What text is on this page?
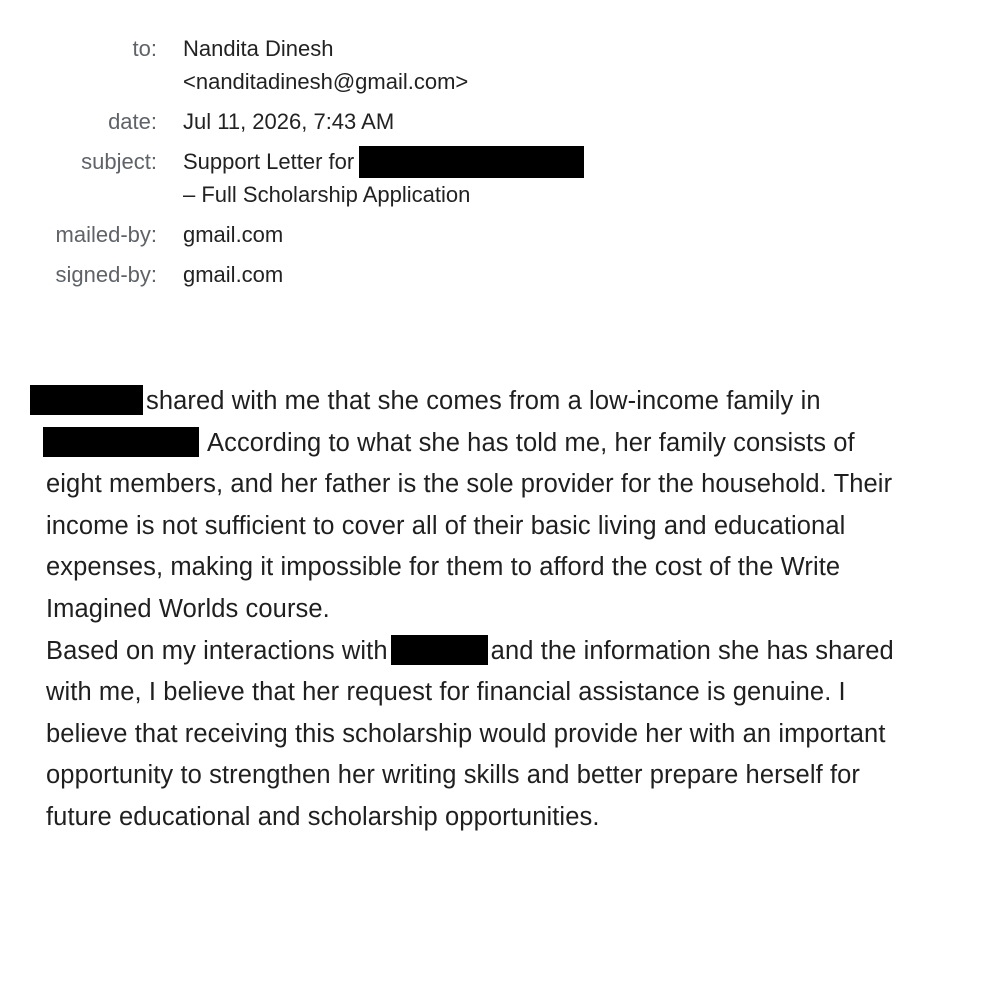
to: Nandita Dinesh
<nanditadinesh@gmail.com>
date: Jul 11, 2026, 7:43 AM
subject: Support Letter for
– Full Scholarship Application
mailed-by: gmail.com
signed-by: gmail.com
shared with me that she comes from a low-income family in
According to what she has told me, her family consists of
eight members, and her father is the sole provider for the household. Their
income is not sufficient to cover all of their basic living and educational
expenses, making it impossible for them to afford the cost of the Write
Imagined Worlds course.
Based on my interactions with	and the information she has shared
with me, I believe that her request for financial assistance is genuine. I
believe that receiving this scholarship would provide her with an important
opportunity to strengthen her writing skills and better prepare herself for
future educational and scholarship opportunities.
